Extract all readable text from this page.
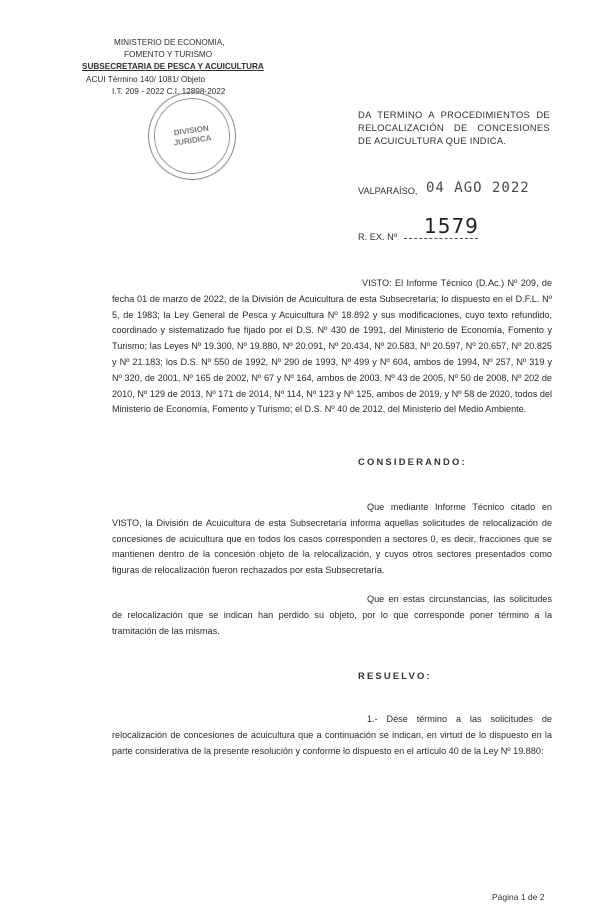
MINISTERIO DE ECONOMIA,
FOMENTO Y TURISMO
SUBSECRETARIA DE PESCA Y ACUICULTURA
ACUI Término 140/ 1081/ Objeto
I.T. 209 - 2022 C.I. 12898-2022
DIVISION
JURIDICA
DA TERMINO A PROCEDIMIENTOS DE RELOCALIZACIÓN DE CONCESIONES DE ACUICULTURA QUE INDICA.
VALPARAÍSO, 04 AGO 2022
R. EX. Nº 1579
VISTO: El Informe Técnico (D.Ac.) Nº 209, de fecha 01 de marzo de 2022, de la División de Acuicultura de esta Subsecretaría; lo dispuesto en el D.F.L. Nº 5, de 1983; la Ley General de Pesca y Acuicultura Nº 18.892 y sus modificaciones, cuyo texto refundido, coordinado y sistematizado fue fijado por el D.S. Nº 430 de 1991, del Ministerio de Economía, Fomento y Turismo; las Leyes Nº 19.300, Nº 19.880, Nº 20.091, Nº 20.434, Nº 20.583, Nº 20.597, Nº 20.657, Nº 20.825 y Nº 21.183; los D.S. Nº 550 de 1992, Nº 290 de 1993, Nº 499 y Nº 604, ambos de 1994, Nº 257, Nº 319 y Nº 320, de 2001, Nº 165 de 2002, Nº 67 y Nº 164, ambos de 2003, Nº 43 de 2005, Nº 50 de 2008, Nº 202 de 2010, Nº 129 de 2013, Nº 171 de 2014, Nº 114, Nº 123 y Nº 125, ambos de 2019, y Nº 58 de 2020, todos del Ministerio de Economía, Fomento y Turismo; el D.S. Nº 40 de 2012, del Ministerio del Medio Ambiente.
CONSIDERANDO:
Que mediante Informe Técnico citado en VISTO, la División de Acuicultura de esta Subsecretaría informa aquellas solicitudes de relocalización de concesiones de acuicultura que en todos los casos corresponden a sectores 0, es decir, fracciones que se mantienen dentro de la concesión objeto de la relocalización, y cuyos otros sectores presentados como figuras de relocalización fueron rechazados por esta Subsecretaría.
Que en estas circunstancias, las solicitudes de relocalización que se indican han perdido su objeto, por lo que corresponde poner término a la tramitación de las mismas.
RESUELVO:
1.- Dése término a las solicitudes de relocalización de concesiones de acuicultura que a continuación se indican, en virtud de lo dispuesto en la parte considerativa de la presente resolución y conforme lo dispuesto en el artículo 40 de la Ley Nº 19.880:
Página 1 de 2
